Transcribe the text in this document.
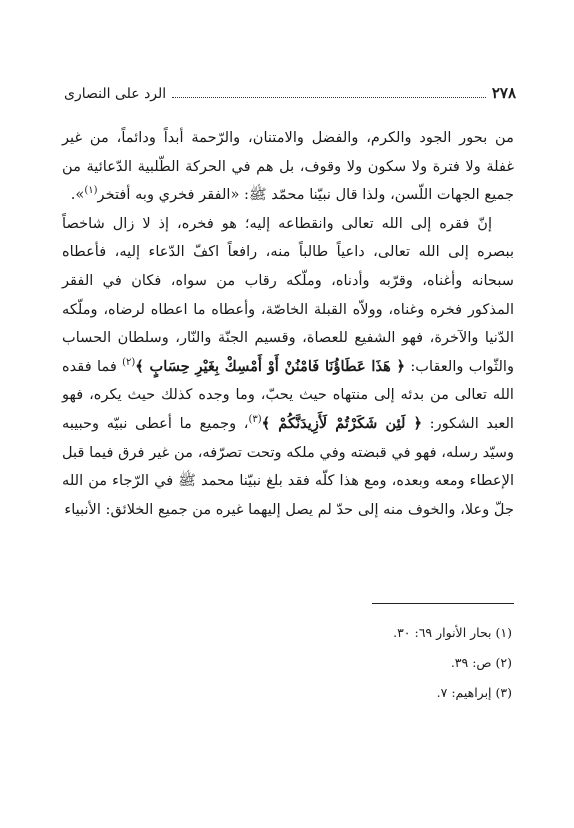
٢٧٨
الرد على النصارى

من بحور الجود والكرم، والفضل والامتنان، والرّحمة أبداً ودائماً، من غير غفلة ولا فترة ولا سكون ولا وقوف، بل هم في الحركة الطّلبية الدّعائية من جميع الجهات اللّسن، ولذا قال نبيّنا محمّد ﷺ: «الفقر فخري وبه أفتخر$^{(١)}$».

إنّ فقره إلى الله تعالى وانقطاعه إليه؛ هو فخره، إذ لا زال شاخصاً ببصره إلى الله تعالى، داعياً طالباً منه، رافعاً اكفّ الدّعاء إليه، فأعطاه سبحانه وأغناه، وقرّبه وأدناه، وملّكه رقاب من سواه، فكان في الفقر المذكور فخره وغناه، وولاّه القبلة الخاصّة، وأعطاه ما اعطاه لرضاه، وملّكه الدّنيا والآخرة، فهو الشفيع للعصاة، وقسيم الجنّة والنّار، وسلطان الحساب والثّواب والعقاب: ﴿ هَذَا عَطَاؤُنَا فَامْنُنْ أَوْ أَمْسِكْ بِغَيْرِ حِسَابٍ ﴾$^{(٢)}$ فما فقده الله تعالى من بدئه إلى منتهاه حيث يحبّ، وما وجده كذلك حيث يكره، فهو العبد الشكور: ﴿ لَئِن شَكَرْتُمْ لَأَزِيدَنَّكُمْ ﴾$^{(٣)}$، وجميع ما أعطى نبيّه وحبيبه وسيّد رسله، فهو في قبضته وفي ملكه وتحت تصرّفه، من غير فرق فيما قبل الإعطاء ومعه وبعده، ومع هذا كلّه فقد بلغ نبيّنا محمد ﷺ في الرّجاء من الله جلّ وعلا، والخوف منه إلى حدّ لم يصل إليهما غيره من جميع الخلائق: الأنبياء

(١) بحار الأنوار ٦٩: ٣٠.

(٢) ص: ٣٩.

(٣) إبراهيم: ٧.
